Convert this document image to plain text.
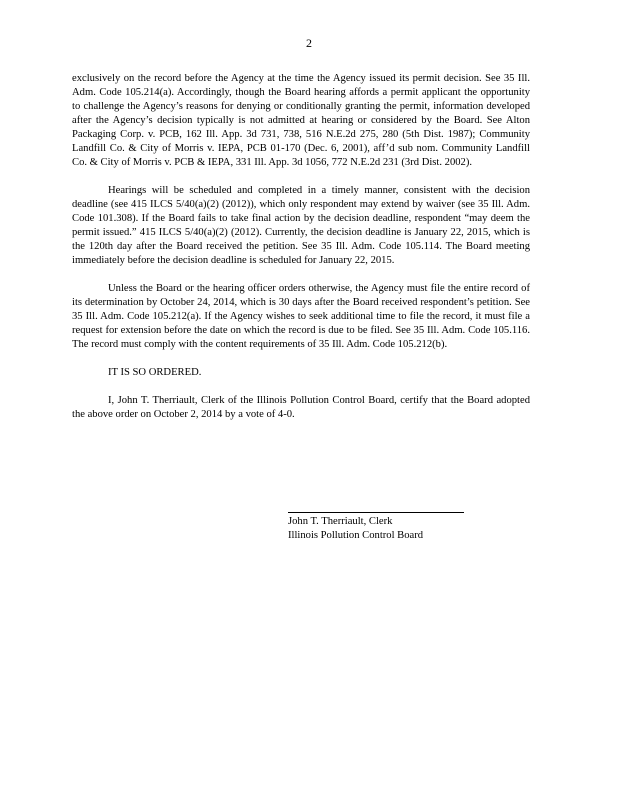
2

exclusively on the record before the Agency at the time the Agency issued its permit decision. See 35 Ill. Adm. Code 105.214(a). Accordingly, though the Board hearing affords a permit applicant the opportunity to challenge the Agency’s reasons for denying or conditionally granting the permit, information developed after the Agency’s decision typically is not admitted at hearing or considered by the Board. See Alton Packaging Corp. v. PCB, 162 Ill. App. 3d 731, 738, 516 N.E.2d 275, 280 (5th Dist. 1987); Community Landfill Co. & City of Morris v. IEPA, PCB 01-170 (Dec. 6, 2001), aff’d sub nom. Community Landfill Co. & City of Morris v. PCB & IEPA, 331 Ill. App. 3d 1056, 772 N.E.2d 231 (3rd Dist. 2002).

Hearings will be scheduled and completed in a timely manner, consistent with the decision deadline (see 415 ILCS 5/40(a)(2) (2012)), which only respondent may extend by waiver (see 35 Ill. Adm. Code 101.308). If the Board fails to take final action by the decision deadline, respondent “may deem the permit issued.” 415 ILCS 5/40(a)(2) (2012). Currently, the decision deadline is January 22, 2015, which is the 120th day after the Board received the petition. See 35 Ill. Adm. Code 105.114. The Board meeting immediately before the decision deadline is scheduled for January 22, 2015.

Unless the Board or the hearing officer orders otherwise, the Agency must file the entire record of its determination by October 24, 2014, which is 30 days after the Board received respondent’s petition. See 35 Ill. Adm. Code 105.212(a). If the Agency wishes to seek additional time to file the record, it must file a request for extension before the date on which the record is due to be filed. See 35 Ill. Adm. Code 105.116. The record must comply with the content requirements of 35 Ill. Adm. Code 105.212(b).

IT IS SO ORDERED.

I, John T. Therriault, Clerk of the Illinois Pollution Control Board, certify that the Board adopted the above order on October 2, 2014 by a vote of 4-0.

John T. Therriault, Clerk
Illinois Pollution Control Board
